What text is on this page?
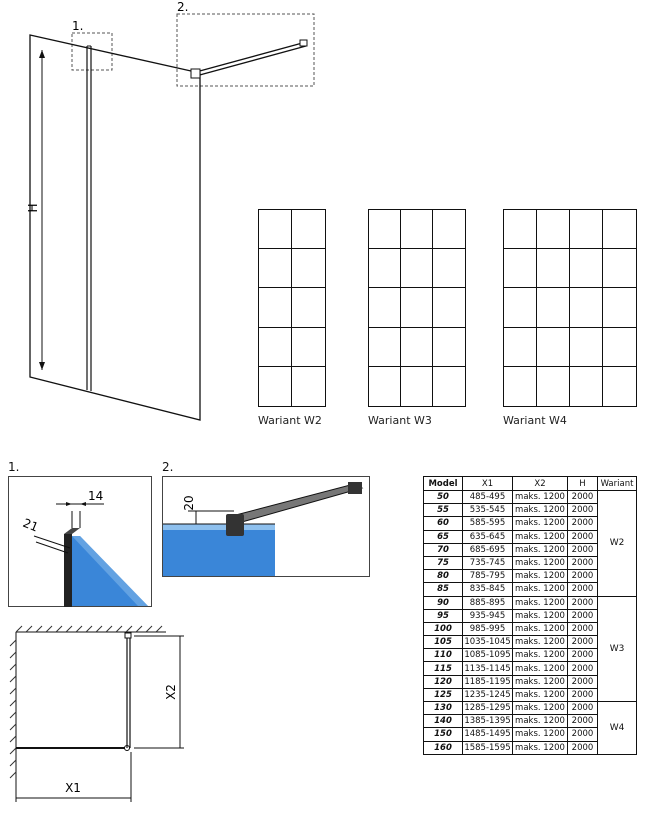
H
1.
2.
Wariant W2	Wariant W3	Wariant W4
1.
14
21
2.
20
X2
X1
Model	X1	X2	H	Wariant
50	485-495	maks. 1200	2000	W2
55	535-545	maks. 1200	2000	
60	585-595	maks. 1200	2000	
65	635-645	maks. 1200	2000	
70	685-695	maks. 1200	2000	
75	735-745	maks. 1200	2000	
80	785-795	maks. 1200	2000	
85	835-845	maks. 1200	2000	
90	885-895	maks. 1200	2000	W3
95	935-945	maks. 1200	2000	
100	985-995	maks. 1200	2000	
105	1035-1045	maks. 1200	2000	
110	1085-1095	maks. 1200	2000	
115	1135-1145	maks. 1200	2000	
120	1185-1195	maks. 1200	2000	
125	1235-1245	maks. 1200	2000	
130	1285-1295	maks. 1200	2000	W4
140	1385-1395	maks. 1200	2000	
150	1485-1495	maks. 1200	2000	
160	1585-1595	maks. 1200	2000	
